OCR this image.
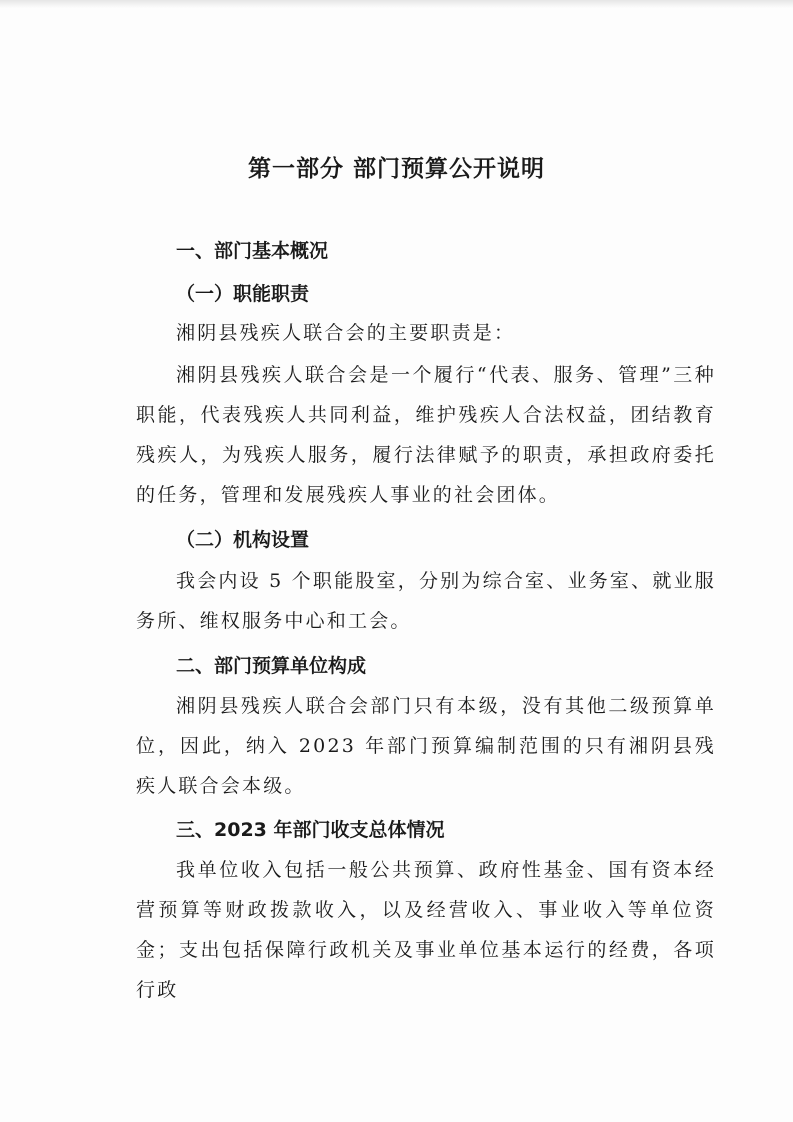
第一部分 部门预算公开说明
一、部门基本概况
（一）职能职责

湘阴县残疾人联合会的主要职责是：

湘阴县残疾人联合会是一个履行“代表、服务、管理”三种职能，代表残疾人共同利益，维护残疾人合法权益，团结教育残疾人，为残疾人服务，履行法律赋予的职责，承担政府委托的任务，管理和发展残疾人事业的社会团体。

（二）机构设置

我会内设 5 个职能股室，分别为综合室、业务室、就业服务所、维权服务中心和工会。

二、部门预算单位构成

湘阴县残疾人联合会部门只有本级，没有其他二级预算单位，因此，纳入 2023 年部门预算编制范围的只有湘阴县残疾人联合会本级。

三、2023 年部门收支总体情况

我单位收入包括一般公共预算、政府性基金、国有资本经营预算等财政拨款收入，以及经营收入、事业收入等单位资金；支出包括保障行政机关及事业单位基本运行的经费，各项行政
